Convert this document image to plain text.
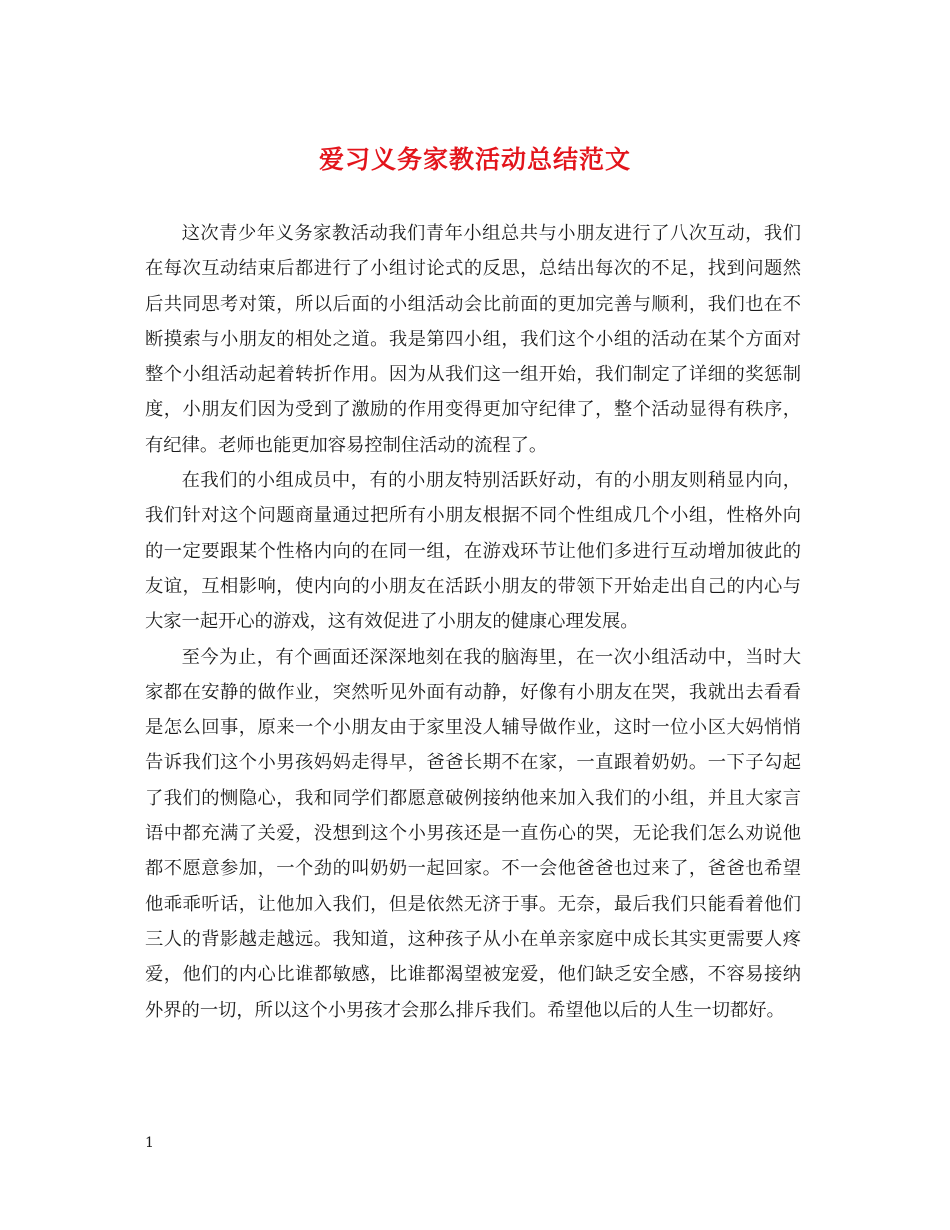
爱习义务家教活动总结范文

这次青少年义务家教活动我们青年小组总共与小朋友进行了八次互动，我们在每次互动结束后都进行了小组讨论式的反思，总结出每次的不足，找到问题然后共同思考对策，所以后面的小组活动会比前面的更加完善与顺利，我们也在不断摸索与小朋友的相处之道。我是第四小组，我们这个小组的活动在某个方面对整个小组活动起着转折作用。因为从我们这一组开始，我们制定了详细的奖惩制度，小朋友们因为受到了激励的作用变得更加守纪律了，整个活动显得有秩序，有纪律。老师也能更加容易控制住活动的流程了。

在我们的小组成员中，有的小朋友特别活跃好动，有的小朋友则稍显内向，我们针对这个问题商量通过把所有小朋友根据不同个性组成几个小组，性格外向的一定要跟某个性格内向的在同一组，在游戏环节让他们多进行互动增加彼此的友谊，互相影响，使内向的小朋友在活跃小朋友的带领下开始走出自己的内心与大家一起开心的游戏，这有效促进了小朋友的健康心理发展。

至今为止，有个画面还深深地刻在我的脑海里，在一次小组活动中，当时大家都在安静的做作业，突然听见外面有动静，好像有小朋友在哭，我就出去看看是怎么回事，原来一个小朋友由于家里没人辅导做作业，这时一位小区大妈悄悄告诉我们这个小男孩妈妈走得早，爸爸长期不在家，一直跟着奶奶。一下子勾起了我们的恻隐心，我和同学们都愿意破例接纳他来加入我们的小组，并且大家言语中都充满了关爱，没想到这个小男孩还是一直伤心的哭，无论我们怎么劝说他都不愿意参加，一个劲的叫奶奶一起回家。不一会他爸爸也过来了，爸爸也希望他乖乖听话，让他加入我们，但是依然无济于事。无奈，最后我们只能看着他们三人的背影越走越远。我知道，这种孩子从小在单亲家庭中成长其实更需要人疼爱，他们的内心比谁都敏感，比谁都渴望被宠爱，他们缺乏安全感，不容易接纳外界的一切，所以这个小男孩才会那么排斥我们。希望他以后的人生一切都好。

1
